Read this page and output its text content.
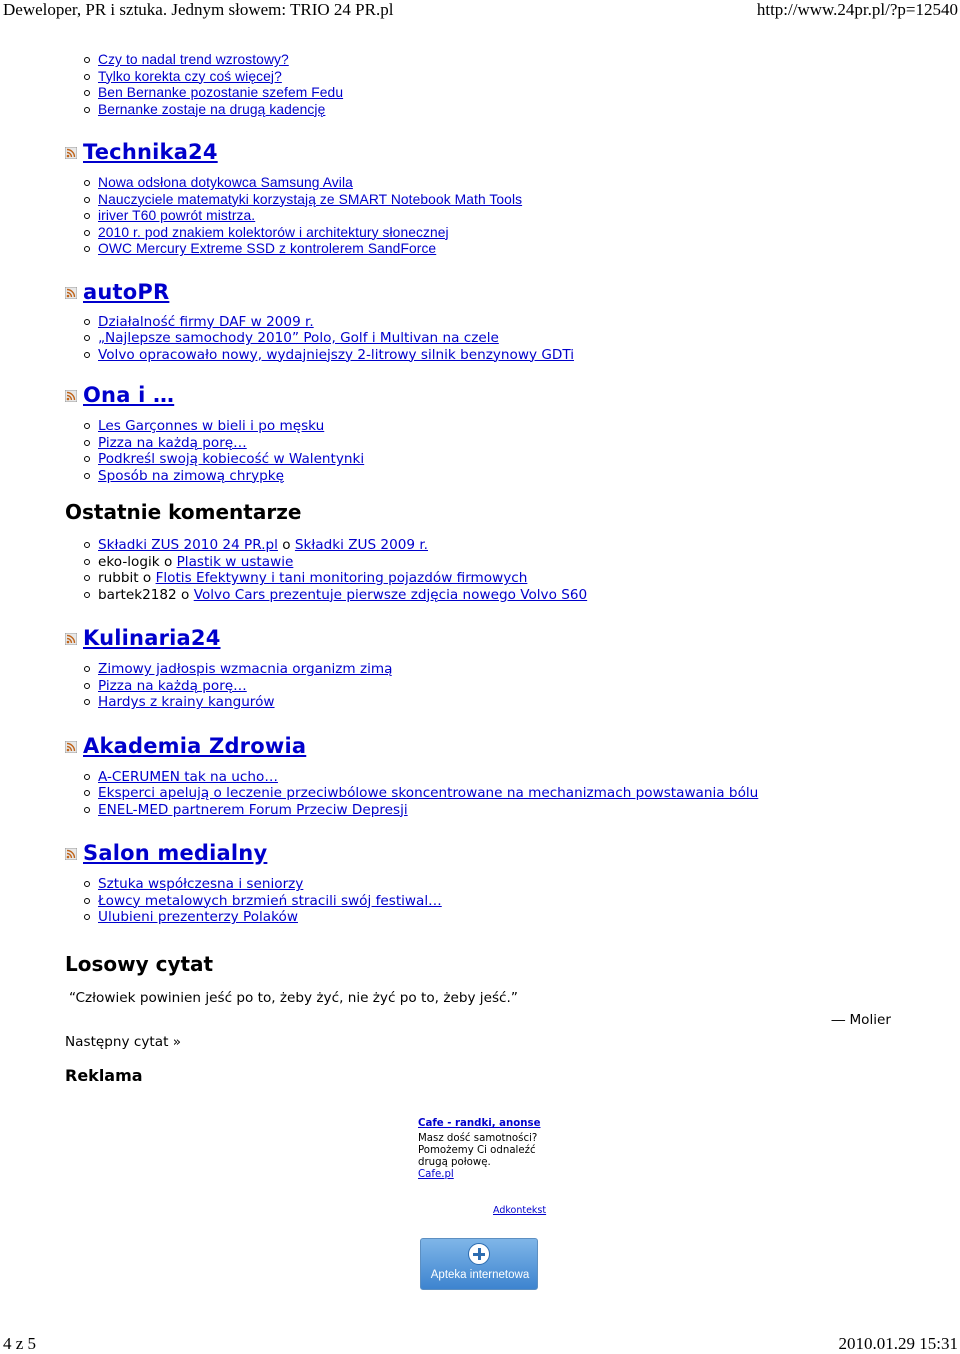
Deweloper, PR i sztuka. Jednym słowem: TRIO 24 PR.pl	http://www.24pr.pl/?p=12540
Czy to nadal trend wzrostowy?
Tylko korekta czy coś więcej?
Ben Bernanke pozostanie szefem Fedu
Bernanke zostaje na drugą kadencję
Technika24
Nowa odsłona dotykowca Samsung Avila
Nauczyciele matematyki korzystają ze SMART Notebook Math Tools
iriver T60 powrót mistrza.
2010 r. pod znakiem kolektorów i architektury słonecznej
OWC Mercury Extreme SSD z kontrolerem SandForce
autoPR
Działalność firmy DAF w 2009 r.
„Najlepsze samochody 2010” Polo, Golf i Multivan na czele
Volvo opracowało nowy, wydajniejszy 2-litrowy silnik benzynowy GDTi
Ona i …
Les Garçonnes w bieli i po męsku
Pizza na każdą porę…
Podkreśl swoją kobiecość w Walentynki
Sposób na zimową chrypkę
Ostatnie komentarze
Składki ZUS 2010 24 PR.pl o Składki ZUS 2009 r.
eko-logik o Plastik w ustawie
rubbit o Flotis Efektywny i tani monitoring pojazdów firmowych
bartek2182 o Volvo Cars prezentuje pierwsze zdjęcia nowego Volvo S60
Kulinaria24
Zimowy jadłospis wzmacnia organizm zimą
Pizza na każdą porę…
Hardys z krainy kangurów
Akademia Zdrowia
A-CERUMEN tak na ucho…
Eksperci apelują o leczenie przeciwbólowe skoncentrowane na mechanizmach powstawania bólu
ENEL-MED partnerem Forum Przeciw Depresji
Salon medialny
Sztuka współczesna i seniorzy
Łowcy metalowych brzmień stracili swój festiwal…
Ulubieni prezenterzy Polaków
Losowy cytat
“Człowiek powinien jeść po to, żeby żyć, nie żyć po to, żeby jeść.”
― Molier
Następny cytat »
Reklama
Cafe - randki, anonse
Masz dość samotności? Pomożemy Ci odnaleźć drugą połowę.
Cafe.pl
Adkontekst
Apteka internetowa
4 z 5	2010.01.29 15:31
